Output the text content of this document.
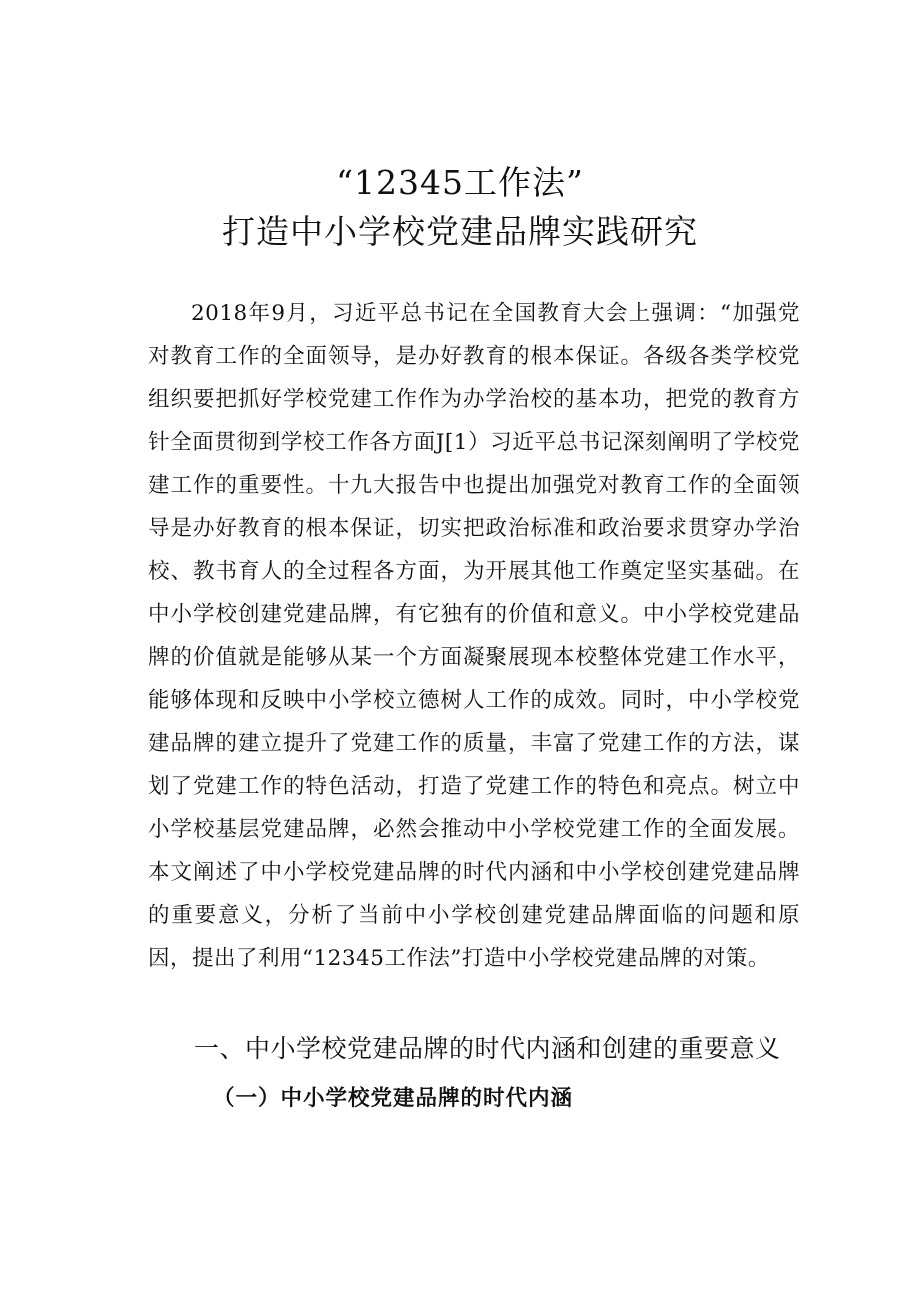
“12345工作法”
打造中小学校党建品牌实践研究

2018年9月，习近平总书记在全国教育大会上强调：“加强党对教育工作的全面领导，是办好教育的根本保证。各级各类学校党组织要把抓好学校党建工作作为办学治校的基本功，把党的教育方针全面贯彻到学校工作各方面J[1）习近平总书记深刻阐明了学校党建工作的重要性。十九大报告中也提出加强党对教育工作的全面领导是办好教育的根本保证，切实把政治标准和政治要求贯穿办学治校、教书育人的全过程各方面，为开展其他工作奠定坚实基础。在中小学校创建党建品牌，有它独有的价值和意义。中小学校党建品牌的价值就是能够从某一个方面凝聚展现本校整体党建工作水平，能够体现和反映中小学校立德树人工作的成效。同时，中小学校党建品牌的建立提升了党建工作的质量，丰富了党建工作的方法，谋划了党建工作的特色活动，打造了党建工作的特色和亮点。树立中小学校基层党建品牌，必然会推动中小学校党建工作的全面发展。本文阐述了中小学校党建品牌的时代内涵和中小学校创建党建品牌的重要意义，分析了当前中小学校创建党建品牌面临的问题和原因，提出了利用“12345工作法”打造中小学校党建品牌的对策。

一、中小学校党建品牌的时代内涵和创建的重要意义
（一）中小学校党建品牌的时代内涵
